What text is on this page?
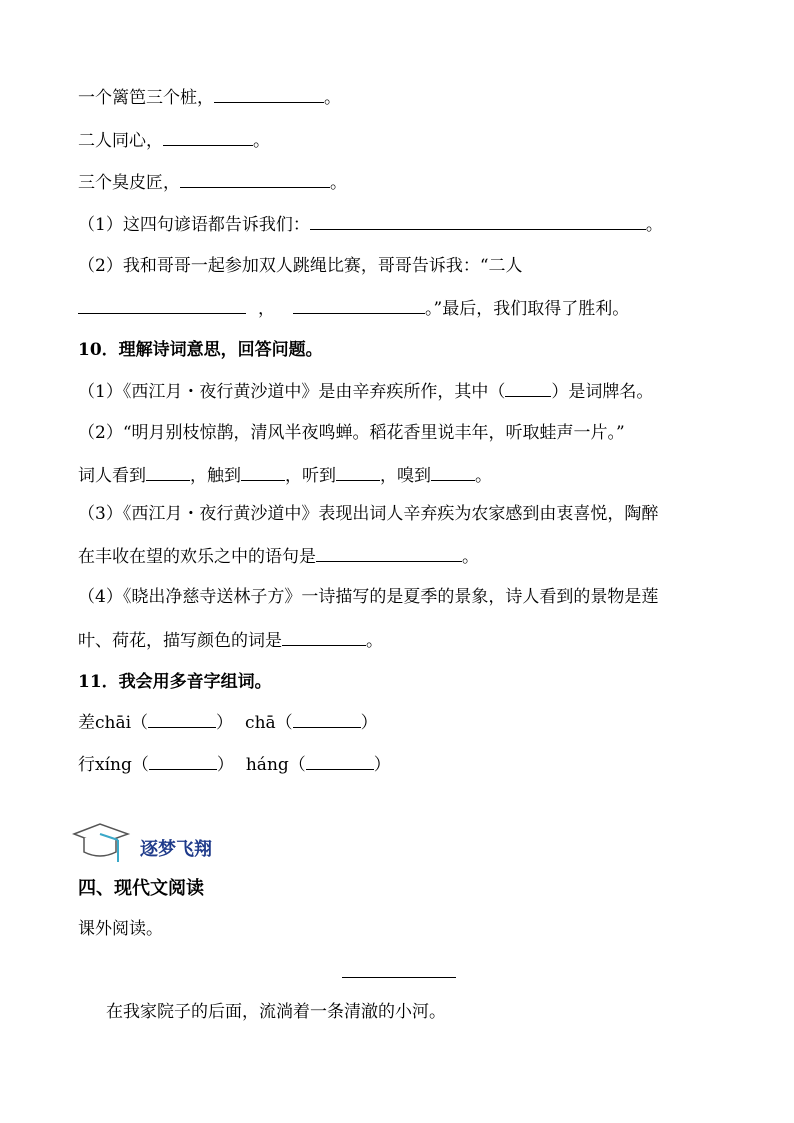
一个篱笆三个桩，	。
二人同心，	。
三个臭皮匠，	。
（1）这四句谚语都告诉我们：	。
（2）我和哥哥一起参加双人跳绳比赛，哥哥告诉我：“二人
，	。”最后，我们取得了胜利。
10．理解诗词意思，回答问题。
（1）《西江月・夜行黄沙道中》是由辛弃疾所作，其中（	）是词牌名。
（2）“明月别枝惊鹊，清风半夜鸣蝉。稻花香里说丰年，听取蛙声一片。”
词人看到	，触到	，听到	，嗅到	。
（3）《西江月・夜行黄沙道中》表现出词人辛弃疾为农家感到由衷喜悦，陶醉
在丰收在望的欢乐之中的语句是	。
（4）《晓出净慈寺送林子方》一诗描写的是夏季的景象，诗人看到的景物是莲
叶、荷花，描写颜色的词是	。
11．我会用多音字组词。
差chāi（	） chā（	）
行xíng（	） háng（	）
逐梦飞翔
四、现代文阅读
课外阅读。
在我家院子的后面，流淌着一条清澈的小河。
